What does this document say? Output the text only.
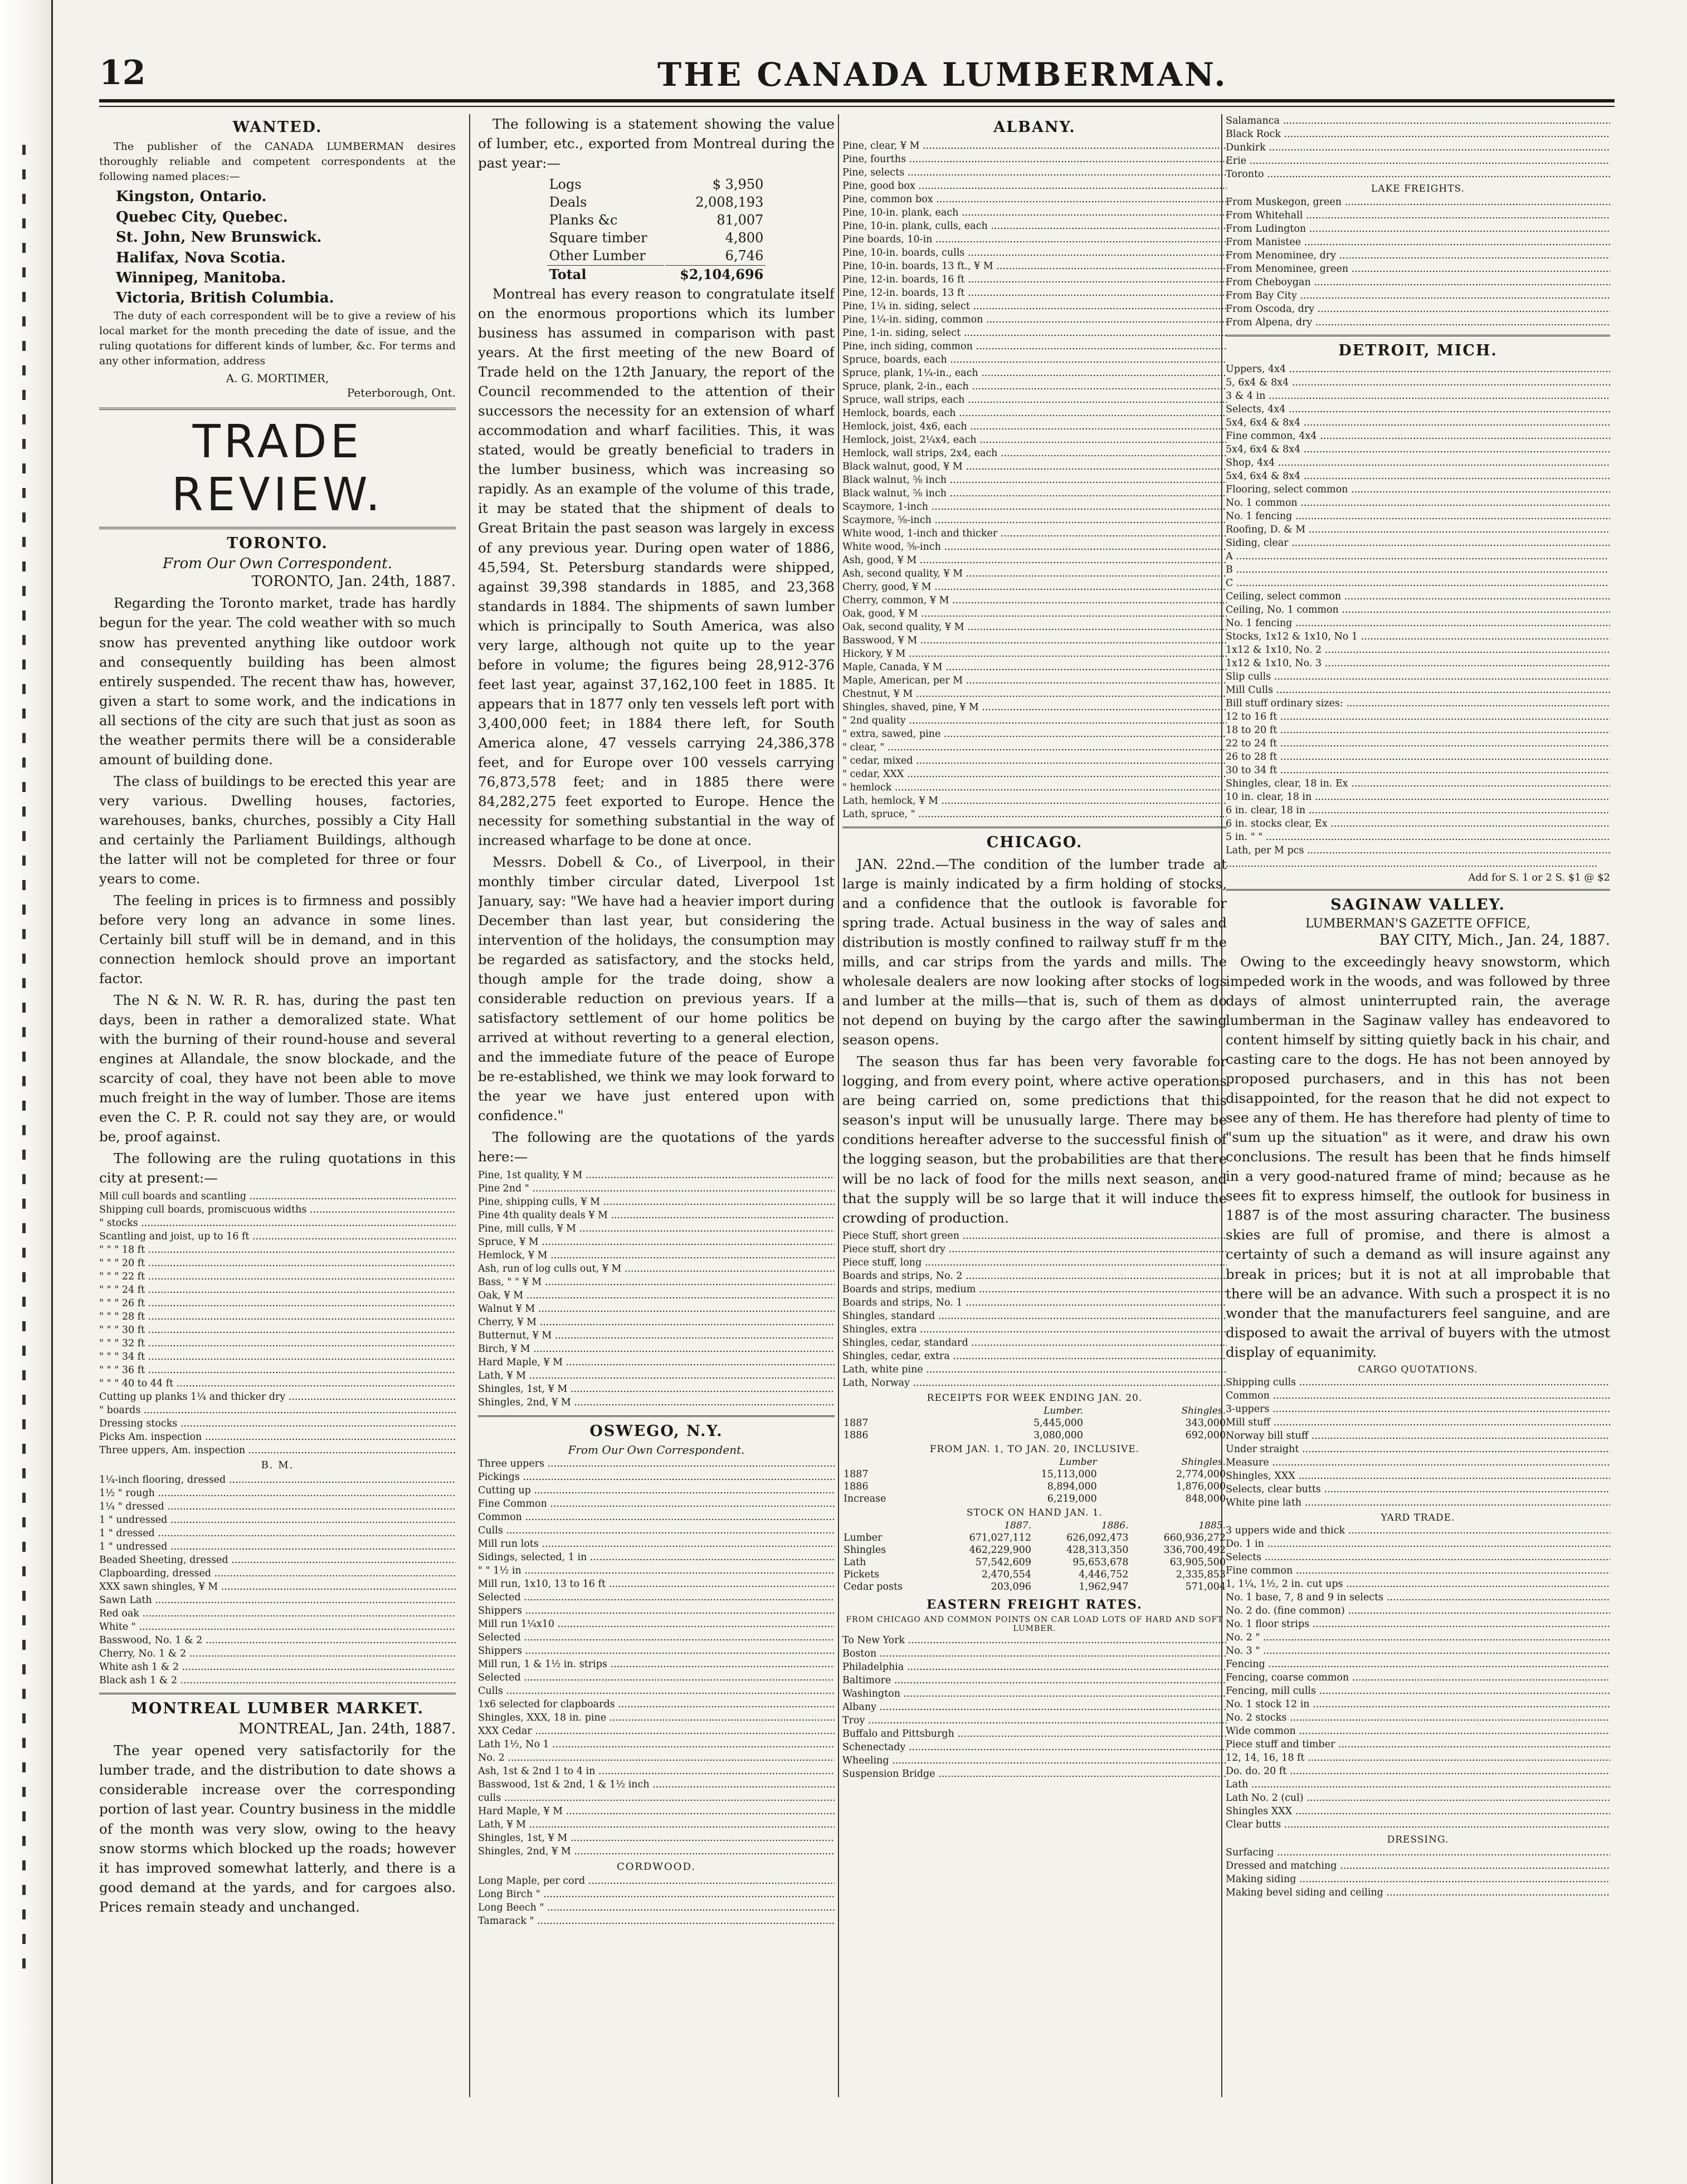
12	THE CANADA LUMBERMAN.
WANTED.

The publisher of the CANADA LUMBERMAN desires thoroughly reliable and competent correspondents at the following named places:—

Kingston, Ontario.
Quebec City, Quebec.
St. John, New Brunswick.
Halifax, Nova Scotia.
Winnipeg, Manitoba.
Victoria, British Columbia.

The duty of each correspondent will be to give a review of his local market for the month preceding the date of issue, and the ruling quotations for different kinds of lumber, &c. For terms and any other information, address

A. G. MORTIMER,
Peterborough, Ont.
TRADE REVIEW.
TORONTO.
From Our Own Correspondent.
TORONTO, Jan. 24th, 1887.

Regarding the Toronto market, trade has hardly begun for the year. The cold weather with so much snow has prevented anything like outdoor work and consequently building has been almost entirely suspended. The recent thaw has, however, given a start to some work, and the indications in all sections of the city are such that just as soon as the weather permits there will be a considerable amount of building done.

The class of buildings to be erected this year are very various. Dwelling houses, factories, warehouses, banks, churches, possibly a City Hall and certainly the Parliament Buildings, although the latter will not be completed for three or four years to come.

The feeling in prices is to firmness and possibly before very long an advance in some lines. Certainly bill stuff will be in demand, and in this connection hemlock should prove an important factor.

The N & N. W. R. R. has, during the past ten days, been in rather a demoralized state. What with the burning of their round-house and several engines at Allandale, the snow blockade, and the scarcity of coal, they have not been able to move much freight in the way of lumber. Those are items even the C. P. R. could not say they are, or would be, proof against.

The following are the ruling quotations in this city at present:—

Mill cull boards and scantling .....	
Shipping cull boards, promiscuous widths .....	
" stocks .....	
Scantling and joist, up to 16 ft .....	
" " " 18 ft .....	
" " " 20 ft .....	
" " " 22 ft .....	
" " " 24 ft .....	
" " " 26 ft .....	
" " " 28 ft .....	
" " " 30 ft .....	
" " " 32 ft .....	
" " " 34 ft .....	
" " " 36 ft .....	
" " " 40 to 44 ft .....	
Cutting up planks 1¼ and thicker dry .....	
" boards .....	
Dressing stocks .....	
Picks Am. inspection .....	
Three uppers, Am. inspection .....	
B. M.
1¼-inch flooring, dressed .....	
1½ " rough .....	
1¼ " dressed .....	
1 " undressed .....	
1 " dressed .....	
1 " undressed .....	
Beaded Sheeting, dressed .....	
Clapboarding, dressed .....	
XXX sawn shingles, ¥ M .....	
Sawn Lath .....	
Red oak .....	
White " .....	
Basswood, No. 1 & 2 .....	
Cherry, No. 1 & 2 .....	
White ash 1 & 2 .....	
Black ash 1 & 2 .....	
MONTREAL LUMBER MARKET.
MONTREAL, Jan. 24th, 1887.

The year opened very satisfactorily for the lumber trade, and the distribution to date shows a considerable increase over the corresponding portion of last year. Country business in the middle of the month was very slow, owing to the heavy snow storms which blocked up the roads; however it has improved somewhat latterly, and there is a good demand at the yards, and for cargoes also. Prices remain steady and unchanged.

The following is a statement showing the value of lumber, etc., exported from Montreal during the past year:—

Logs	$ 3,950
Deals	2,008,193
Planks &c	81,007
Square timber	4,800
Other Lumber	6,746
Total	$2,104,696

Montreal has every reason to congratulate itself on the enormous proportions which its lumber business has assumed in comparison with past years. At the first meeting of the new Board of Trade held on the 12th January, the report of the Council recommended to the attention of their successors the necessity for an extension of wharf accommodation and wharf facilities. This, it was stated, would be greatly beneficial to traders in the lumber business, which was increasing so rapidly. As an example of the volume of this trade, it may be stated that the shipment of deals to Great Britain the past season was largely in excess of any previous year. During open water of 1886, 45,594, St. Petersburg standards were shipped, against 39,398 standards in 1885, and 23,368 standards in 1884. The shipments of sawn lumber which is principally to South America, was also very large, although not quite up to the year before in volume; the figures being 28,912-376 feet last year, against 37,162,100 feet in 1885. It appears that in 1877 only ten vessels left port with 3,400,000 feet; in 1884 there left, for South America alone, 47 vessels carrying 24,386,378 feet, and for Europe over 100 vessels carrying 76,873,578 feet; and in 1885 there were 84,282,275 feet exported to Europe. Hence the necessity for something substantial in the way of increased wharfage to be done at once.

Messrs. Dobell & Co., of Liverpool, in their monthly timber circular dated, Liverpool 1st January, say: "We have had a heavier import during December than last year, but considering the intervention of the holidays, the consumption may be regarded as satisfactory, and the stocks held, though ample for the trade doing, show a considerable reduction on previous years. If a satisfactory settlement of our home politics be arrived at without reverting to a general election, and the immediate future of the peace of Europe be re-established, we think we may look forward to the year we have just entered upon with confidence."

The following are the quotations of the yards here:—

Pine, 1st quality, ¥ M .....	
Pine 2nd " .....	
Pine, shipping culls, ¥ M .....	
Pine 4th quality deals ¥ M .....	
Pine, mill culls, ¥ M .....	
Spruce, ¥ M .....	
Hemlock, ¥ M .....	
Ash, run of log culls out, ¥ M .....	
Bass, " " ¥ M .....	
Oak, ¥ M .....	
Walnut ¥ M .....	
Cherry, ¥ M .....	
Butternut, ¥ M .....	
Birch, ¥ M .....	
Hard Maple, ¥ M .....	
Lath, ¥ M .....	
Shingles, 1st, ¥ M .....	
Shingles, 2nd, ¥ M .....	
OSWEGO, N.Y.
From Our Own Correspondent.
Three uppers .....	
Pickings .....	
Cutting up .....	
Fine Common .....	
Common .....	
Culls .....	
Mill run lots .....	
Sidings, selected, 1 in .....	
" " 1½ in .....	
Mill run, 1x10, 13 to 16 ft .....	
Selected .....	
Shippers .....	
Mill run 1¼x10 .....	
Selected .....	
Shippers .....	
Mill run, 1 & 1½ in. strips .....	
Selected .....	
Culls .....	
1x6 selected for clapboards .....	
Shingles, XXX, 18 in. pine .....	
XXX Cedar .....	
Lath 1½, No 1 .....	
No. 2 .....	
Ash, 1st & 2nd 1 to 4 in .....	
Basswood, 1st & 2nd, 1 & 1½ inch .....	
culls .....	
Hard Maple, ¥ M .....	
Lath, ¥ M .....	
Shingles, 1st, ¥ M .....	
Shingles, 2nd, ¥ M .....	
CORDWOOD.
Long Maple, per cord .....	
Long Birch " .....	
Long Beech " .....	
Tamarack " .....	
ALBANY.
Pine, clear, ¥ M .....	
Pine, fourths .....	
Pine, selects .....	
Pine, good box .....	
Pine, common box .....	
Pine, 10-in. plank, each .....	
Pine, 10-in. plank, culls, each .....	
Pine boards, 10-in .....	
Pine, 10-in. boards, culls .....	
Pine, 10-in. boards, 13 ft., ¥ M .....	
Pine, 12-in. boards, 16 ft .....	
Pine, 12-in. boards, 13 ft .....	
Pine, 1¼ in. siding, select .....	
Pine, 1¼-in. siding, common .....	
Pine, 1-in. siding, select .....	
Pine, inch siding, common .....	
Spruce, boards, each .....	
Spruce, plank, 1¼-in., each .....	
Spruce, plank, 2-in., each .....	
Spruce, wall strips, each .....	
Hemlock, boards, each .....	
Hemlock, joist, 4x6, each .....	
Hemlock, joist, 2¼x4, each .....	
Hemlock, wall strips, 2x4, each .....	
Black walnut, good, ¥ M .....	
Black walnut, ⅝ inch .....	
Black walnut, ⅝ inch .....	
Scaymore, 1-inch .....	
Scaymore, ⅝-inch .....	
White wood, 1-inch and thicker .....	
White wood, ⅝-inch .....	
Ash, good, ¥ M .....	
Ash, second quality, ¥ M .....	
Cherry, good, ¥ M .....	
Cherry, common, ¥ M .....	
Oak, good, ¥ M .....	
Oak, second quality, ¥ M .....	
Basswood, ¥ M .....	
Hickory, ¥ M .....	
Maple, Canada, ¥ M .....	
Maple, American, per M .....	
Chestnut, ¥ M .....	
Shingles, shaved, pine, ¥ M .....	
" 2nd quality .....	
" extra, sawed, pine .....	
" clear, " .....	
" cedar, mixed .....	
" cedar, XXX .....	
" hemlock .....	
Lath, hemlock, ¥ M .....	
Lath, spruce, " .....	
CHICAGO.

JAN. 22nd.—The condition of the lumber trade at large is mainly indicated by a firm holding of stocks, and a confidence that the outlook is favorable for spring trade. Actual business in the way of sales and distribution is mostly confined to railway stuff fr m the mills, and car strips from the yards and mills. The wholesale dealers are now looking after stocks of logs and lumber at the mills—that is, such of them as do not depend on buying by the cargo after the sawing season opens.

The season thus far has been very favorable for logging, and from every point, where active operations are being carried on, some predictions that this season's input will be unusually large. There may be conditions hereafter adverse to the successful finish of the logging season, but the probabilities are that there will be no lack of food for the mills next season, and that the supply will be so large that it will induce the crowding of production.

Piece Stuff, short green .....	
Piece stuff, short dry .....	
Piece stuff, long .....	
Boards and strips, No. 2 .....	
Boards and strips, medium .....	
Boards and strips, No. 1 .....	
Shingles, standard .....	
Shingles, extra .....	
Shingles, cedar, standard .....	
Shingles, cedar, extra .....	
Lath, white pine .....	
Lath, Norway .....	
RECEIPTS FOR WEEK ENDING JAN. 20.
	Lumber.	Shingles.
1887	5,445,000	343,000
1886	3,080,000	692,000
FROM JAN. 1, TO JAN. 20, INCLUSIVE.
	Lumber	Shingles.
1887	15,113,000	2,774,000
1886	8,894,000	1,876,000
Increase	6,219,000	848,000
STOCK ON HAND JAN. 1.
	1887.	1886.	1885.
Lumber	671,027,112	626,092,473	660,936,272
Shingles	462,229,900	428,313,350	336,700,492
Lath	57,542,609	95,653,678	63,905,500
Pickets	2,470,554	4,446,752	2,335,853
Cedar posts	203,096	1,962,947	571,004
EASTERN FREIGHT RATES.
FROM CHICAGO AND COMMON POINTS ON CAR LOAD LOTS OF HARD AND SOFT LUMBER.
To New York .....	
Boston .....	
Philadelphia .....	
Baltimore .....	
Washington .....	
Albany .....	
Troy .....	
Buffalo and Pittsburgh .....	
Schenectady .....	
Wheeling .....	
Suspension Bridge .....	
Salamanca .....	
Black Rock .....	
Dunkirk .....	
Erie .....	
Toronto .....	
LAKE FREIGHTS.
From Muskegon, green .....	
From Whitehall .....	
From Ludington .....	
From Manistee .....	
From Menominee, dry .....	
From Menominee, green .....	
From Cheboygan .....	
From Bay City .....	
From Oscoda, dry .....	
From Alpena, dry .....	
DETROIT, MICH.
Uppers, 4x4 .....	
5, 6x4 & 8x4 .....	
3 & 4 in .....	
Selects, 4x4 .....	
5x4, 6x4 & 8x4 .....	
Fine common, 4x4 .....	
5x4, 6x4 & 8x4 .....	
Shop, 4x4 .....	
5x4, 6x4 & 8x4 .....	
Flooring, select common .....	
No. 1 common .....	
No. 1 fencing .....	
Roofing, D. & M .....	
Siding, clear .....	
A .....	
B .....	
C .....	
Ceiling, select common .....	
Ceiling, No. 1 common .....	
No. 1 fencing .....	
Stocks, 1x12 & 1x10, No 1 .....	
1x12 & 1x10, No. 2 .....	
1x12 & 1x10, No. 3 .....	
Slip culls .....	
Mill Culls .....	
Bill stuff ordinary sizes: .....	
12 to 16 ft .....	
18 to 20 ft .....	
22 to 24 ft .....	
26 to 28 ft .....	
30 to 34 ft .....	
Shingles, clear, 18 in. Ex .....	
10 in. clear, 18 in .....	
6 in. clear, 18 in .....	
6 in. stocks clear, Ex .....	
5 in. " " .....	
Lath, per M pcs .....	
.....	
Add for S. 1 or 2 S. $1 @ $2
SAGINAW VALLEY.
LUMBERMAN'S GAZETTE OFFICE,
BAY CITY, Mich., Jan. 24, 1887.

Owing to the exceedingly heavy snowstorm, which impeded work in the woods, and was followed by three days of almost uninterrupted rain, the average lumberman in the Saginaw valley has endeavored to content himself by sitting quietly back in his chair, and casting care to the dogs. He has not been annoyed by proposed purchasers, and in this has not been disappointed, for the reason that he did not expect to see any of them. He has therefore had plenty of time to "sum up the situation" as it were, and draw his own conclusions. The result has been that he finds himself in a very good-natured frame of mind; because as he sees fit to express himself, the outlook for business in 1887 is of the most assuring character. The business skies are full of promise, and there is almost a certainty of such a demand as will insure against any break in prices; but it is not at all improbable that there will be an advance. With such a prospect it is no wonder that the manufacturers feel sanguine, and are disposed to await the arrival of buyers with the utmost display of equanimity.

CARGO QUOTATIONS.
Shipping culls .....	
Common .....	
3-uppers .....	
Mill stuff .....	
Norway bill stuff .....	
Under straight .....	
Measure .....	
Shingles, XXX .....	
Selects, clear butts .....	
White pine lath .....	
YARD TRADE.
3 uppers wide and thick .....	
Do. 1 in .....	
Selects .....	
Fine common .....	
1, 1¼, 1½, 2 in. cut ups .....	
No. 1 base, 7, 8 and 9 in selects .....	
No. 2 do. (fine common) .....	
No. 1 floor strips .....	
No. 2 " .....	
No. 3 " .....	
Fencing .....	
Fencing, coarse common .....	
Fencing, mill culls .....	
No. 1 stock 12 in .....	
No. 2 stocks .....	
Wide common .....	
Piece stuff and timber .....	
12, 14, 16, 18 ft .....	
Do. do. 20 ft .....	
Lath .....	
Lath No. 2 (cul) .....	
Shingles XXX .....	
Clear butts .....	
DRESSING.
Surfacing .....	
Dressed and matching .....	
Making siding .....	
Making bevel siding and ceiling .....	
